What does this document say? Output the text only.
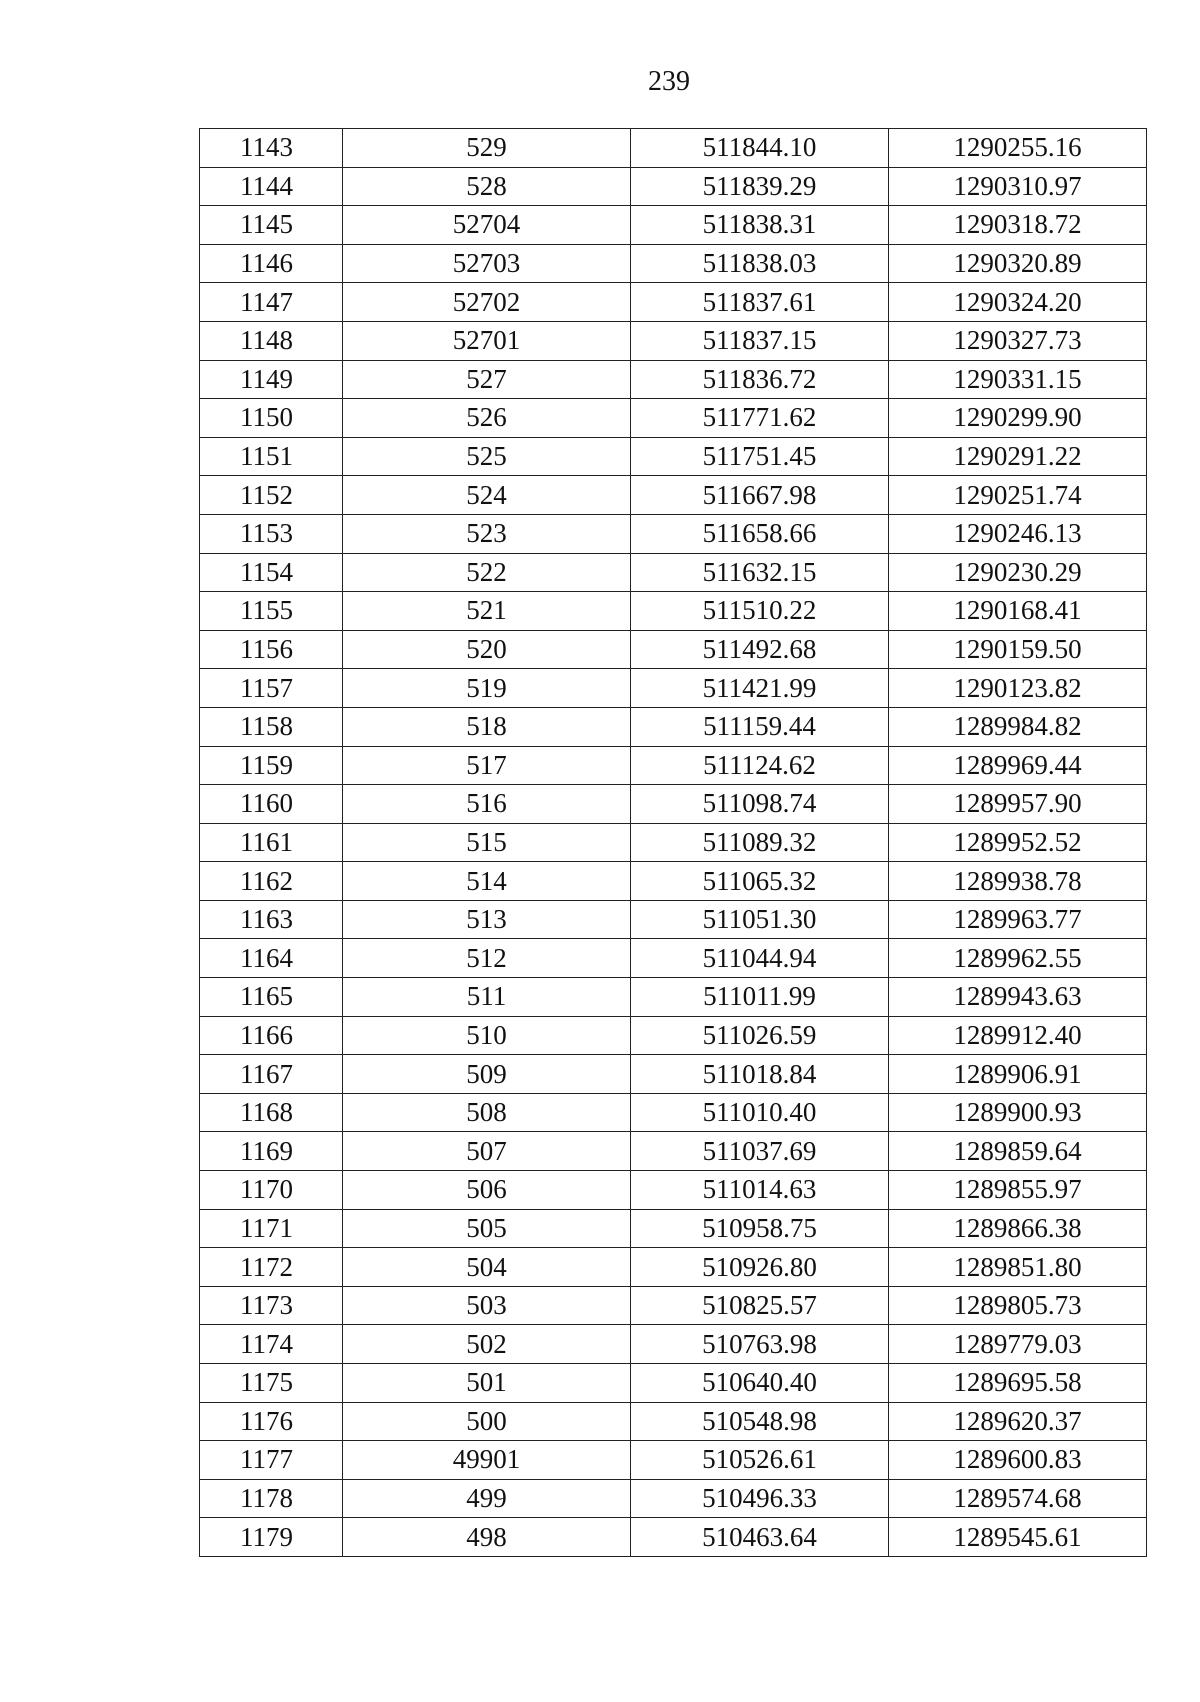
239
1143	529	511844.10	1290255.16
1144	528	511839.29	1290310.97
1145	52704	511838.31	1290318.72
1146	52703	511838.03	1290320.89
1147	52702	511837.61	1290324.20
1148	52701	511837.15	1290327.73
1149	527	511836.72	1290331.15
1150	526	511771.62	1290299.90
1151	525	511751.45	1290291.22
1152	524	511667.98	1290251.74
1153	523	511658.66	1290246.13
1154	522	511632.15	1290230.29
1155	521	511510.22	1290168.41
1156	520	511492.68	1290159.50
1157	519	511421.99	1290123.82
1158	518	511159.44	1289984.82
1159	517	511124.62	1289969.44
1160	516	511098.74	1289957.90
1161	515	511089.32	1289952.52
1162	514	511065.32	1289938.78
1163	513	511051.30	1289963.77
1164	512	511044.94	1289962.55
1165	511	511011.99	1289943.63
1166	510	511026.59	1289912.40
1167	509	511018.84	1289906.91
1168	508	511010.40	1289900.93
1169	507	511037.69	1289859.64
1170	506	511014.63	1289855.97
1171	505	510958.75	1289866.38
1172	504	510926.80	1289851.80
1173	503	510825.57	1289805.73
1174	502	510763.98	1289779.03
1175	501	510640.40	1289695.58
1176	500	510548.98	1289620.37
1177	49901	510526.61	1289600.83
1178	499	510496.33	1289574.68
1179	498	510463.64	1289545.61
